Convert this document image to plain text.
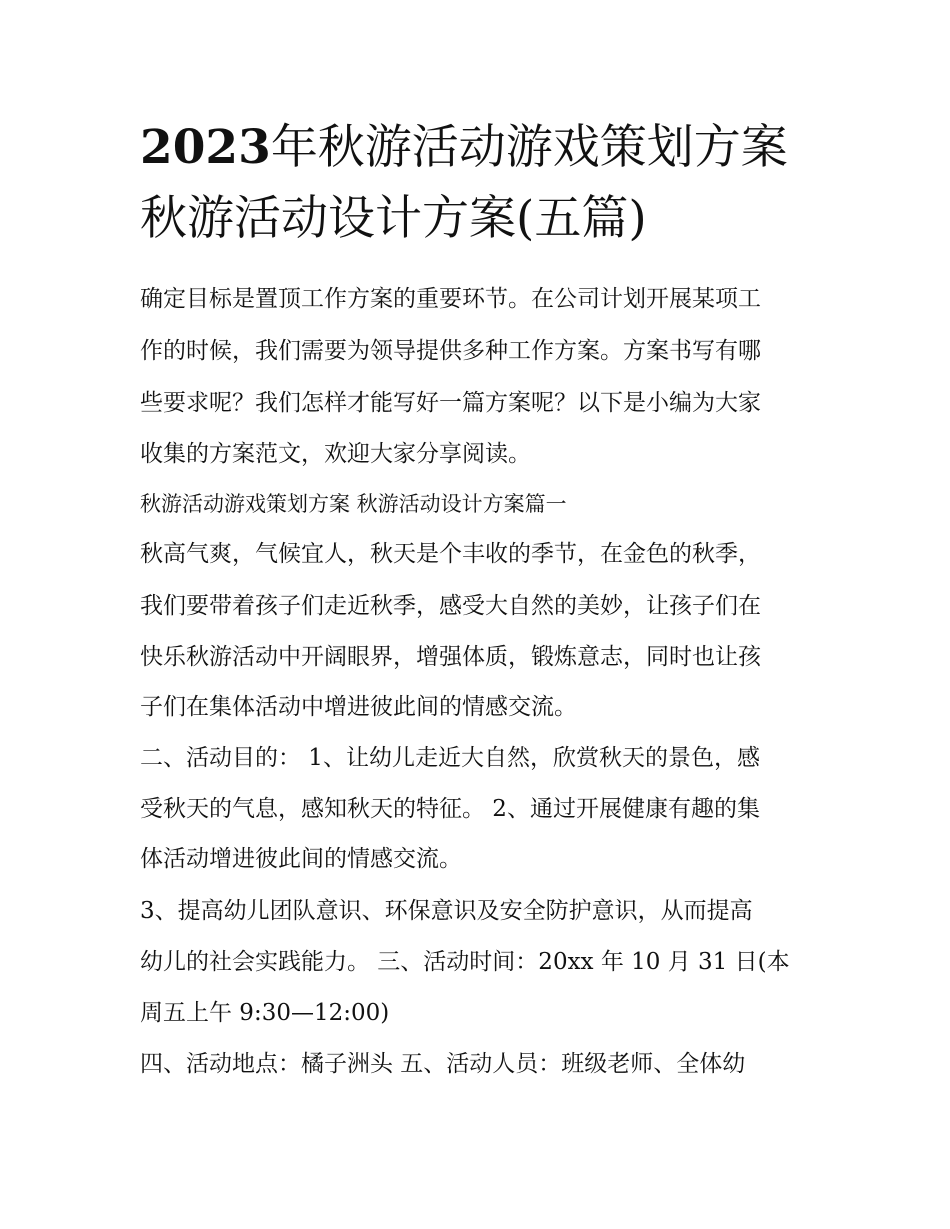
2023年秋游活动游戏策划方案
秋游活动设计方案(五篇)

确定目标是置顶工作方案的重要环节。在公司计划开展某项工

作的时候，我们需要为领导提供多种工作方案。方案书写有哪

些要求呢？我们怎样才能写好一篇方案呢？以下是小编为大家

收集的方案范文，欢迎大家分享阅读。

秋游活动游戏策划方案 秋游活动设计方案篇一

秋高气爽，气候宜人，秋天是个丰收的季节，在金色的秋季，

我们要带着孩子们走近秋季，感受大自然的美妙，让孩子们在

快乐秋游活动中开阔眼界，增强体质，锻炼意志，同时也让孩

子们在集体活动中增进彼此间的情感交流。

二、活动目的： 1、让幼儿走近大自然，欣赏秋天的景色，感

受秋天的气息，感知秋天的特征。 2、通过开展健康有趣的集

体活动增进彼此间的情感交流。

3、提高幼儿团队意识、环保意识及安全防护意识，从而提高

幼儿的社会实践能力。 三、活动时间：20xx 年 10 月 31 日(本

周五上午 9:30—12:00)

四、活动地点：橘子洲头 五、活动人员：班级老师、全体幼
